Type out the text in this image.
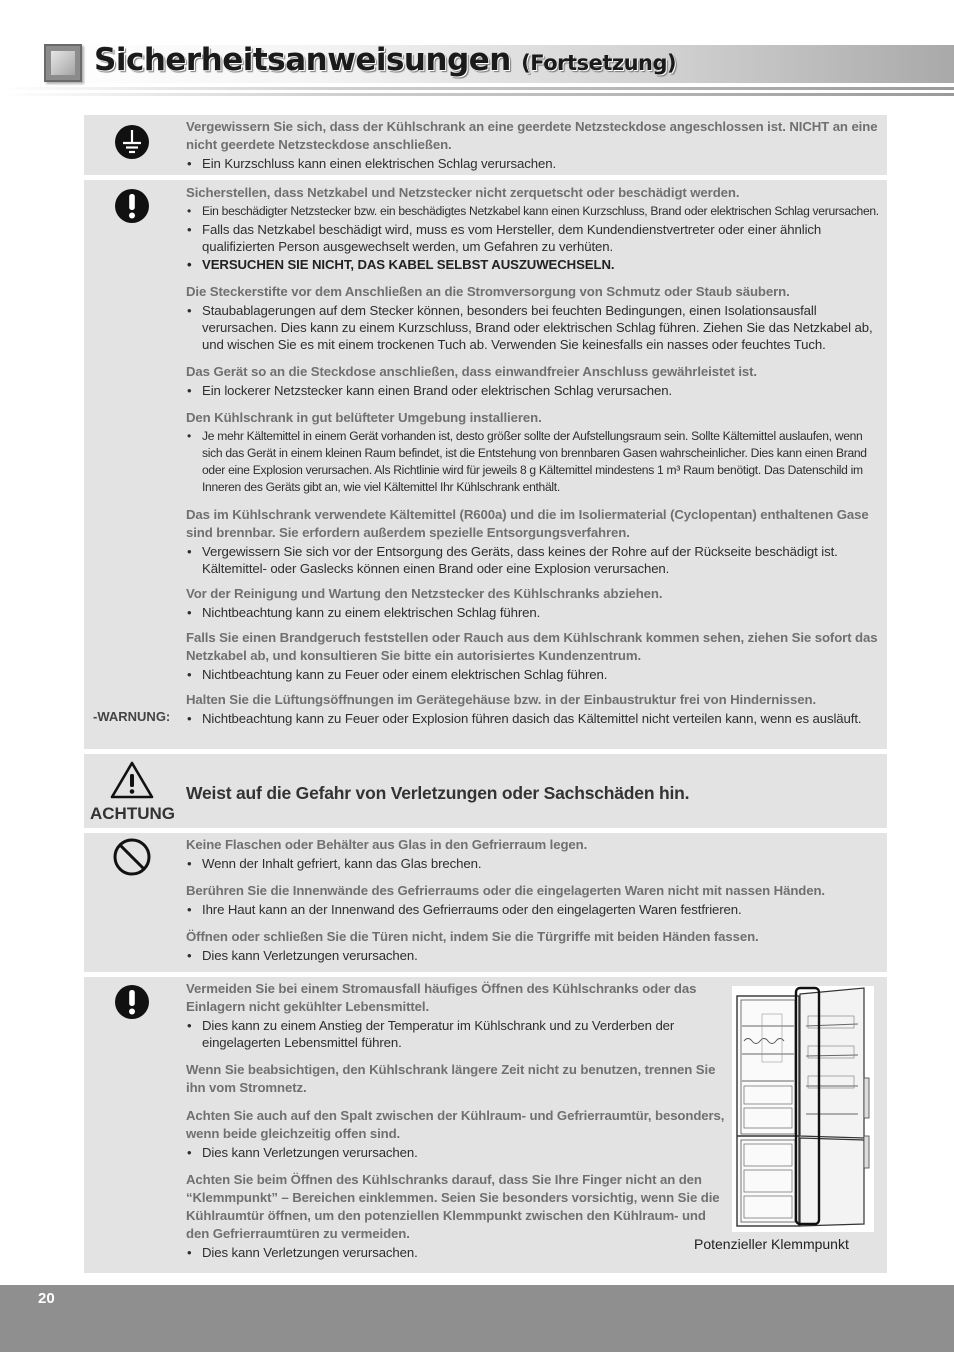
Sicherheitsanweisungen (Fortsetzung)
Vergewissern Sie sich, dass der Kühlschrank an eine geerdete Netzsteckdose angeschlossen ist. NICHT an eine nicht geerdete Netzsteckdose anschließen.
• Ein Kurzschluss kann einen elektrischen Schlag verursachen.
Sicherstellen, dass Netzkabel und Netzstecker nicht zerquetscht oder beschädigt werden.
• Ein beschädigter Netzstecker bzw. ein beschädigtes Netzkabel kann einen Kurzschluss, Brand oder elektrischen Schlag verursachen.
• Falls das Netzkabel beschädigt wird, muss es vom Hersteller, dem Kundendienstvertreter oder einer ähnlich qualifizierten Person ausgewechselt werden, um Gefahren zu verhüten.
• VERSUCHEN SIE NICHT, DAS KABEL SELBST AUSZUWECHSELN.
Die Steckerstifte vor dem Anschließen an die Stromversorgung von Schmutz oder Staub säubern.
• Staubablagerungen auf dem Stecker können, besonders bei feuchten Bedingungen, einen Isolationsausfall verursachen. Dies kann zu einem Kurzschluss, Brand oder elektrischen Schlag führen. Ziehen Sie das Netzkabel ab, und wischen Sie es mit einem trockenen Tuch ab. Verwenden Sie keinesfalls ein nasses oder feuchtes Tuch.
Das Gerät so an die Steckdose anschließen, dass einwandfreier Anschluss gewährleistet ist.
• Ein lockerer Netzstecker kann einen Brand oder elektrischen Schlag verursachen.
Den Kühlschrank in gut belüfteter Umgebung installieren.
• Je mehr Kältemittel in einem Gerät vorhanden ist, desto größer sollte der Aufstellungsraum sein. Sollte Kältemittel auslaufen, wenn sich das Gerät in einem kleinen Raum befindet, ist die Entstehung von brennbaren Gasen wahrscheinlicher. Dies kann einen Brand oder eine Explosion verursachen. Als Richtlinie wird für jeweils 8 g Kältemittel mindestens 1 m³ Raum benötigt. Das Datenschild im Inneren des Geräts gibt an, wie viel Kältemittel Ihr Kühlschrank enthält.
Das im Kühlschrank verwendete Kältemittel (R600a) und die im Isoliermaterial (Cyclopentan) enthaltenen Gase sind brennbar. Sie erfordern außerdem spezielle Entsorgungsverfahren.
• Vergewissern Sie sich vor der Entsorgung des Geräts, dass keines der Rohre auf der Rückseite beschädigt ist. Kältemittel- oder Gaslecks können einen Brand oder eine Explosion verursachen.
Vor der Reinigung und Wartung den Netzstecker des Kühlschranks abziehen.
• Nichtbeachtung kann zu einem elektrischen Schlag führen.
Falls Sie einen Brandgeruch feststellen oder Rauch aus dem Kühlschrank kommen sehen, ziehen Sie sofort das Netzkabel ab, und konsultieren Sie bitte ein autorisiertes Kundenzentrum.
• Nichtbeachtung kann zu Feuer oder einem elektrischen Schlag führen.
Halten Sie die Lüftungsöffnungen im Gerätegehäuse bzw. in der Einbaustruktur frei von Hindernissen.
• Nichtbeachtung kann zu Feuer oder Explosion führen dasich das Kältemittel nicht verteilen kann, wenn es ausläuft.
-WARNUNG:
ACHTUNG
Weist auf die Gefahr von Verletzungen oder Sachschäden hin.
Keine Flaschen oder Behälter aus Glas in den Gefrierraum legen.
• Wenn der Inhalt gefriert, kann das Glas brechen.
Berühren Sie die Innenwände des Gefrierraums oder die eingelagerten Waren nicht mit nassen Händen.
• Ihre Haut kann an der Innenwand des Gefrierraums oder den eingelagerten Waren festfrieren.
Öffnen oder schließen Sie die Türen nicht, indem Sie die Türgriffe mit beiden Händen fassen.
• Dies kann Verletzungen verursachen.
Vermeiden Sie bei einem Stromausfall häufiges Öffnen des Kühlschranks oder das Einlagern nicht gekühlter Lebensmittel.
• Dies kann zu einem Anstieg der Temperatur im Kühlschrank und zu Verderben der eingelagerten Lebensmittel führen.
Wenn Sie beabsichtigen, den Kühlschrank längere Zeit nicht zu benutzen, trennen Sie ihn vom Stromnetz.
Achten Sie auch auf den Spalt zwischen der Kühlraum- und Gefrierraumtür, besonders, wenn beide gleichzeitig offen sind.
• Dies kann Verletzungen verursachen.
Achten Sie beim Öffnen des Kühlschranks darauf, dass Sie Ihre Finger nicht an den “Klemmpunkt” – Bereichen einklemmen. Seien Sie besonders vorsichtig, wenn Sie die Kühlraumtür öffnen, um den potenziellen Klemmpunkt zwischen den Kühlraum- und den Gefrierraumtüren zu vermeiden.
• Dies kann Verletzungen verursachen.
Potenzieller Klemmpunkt
20
